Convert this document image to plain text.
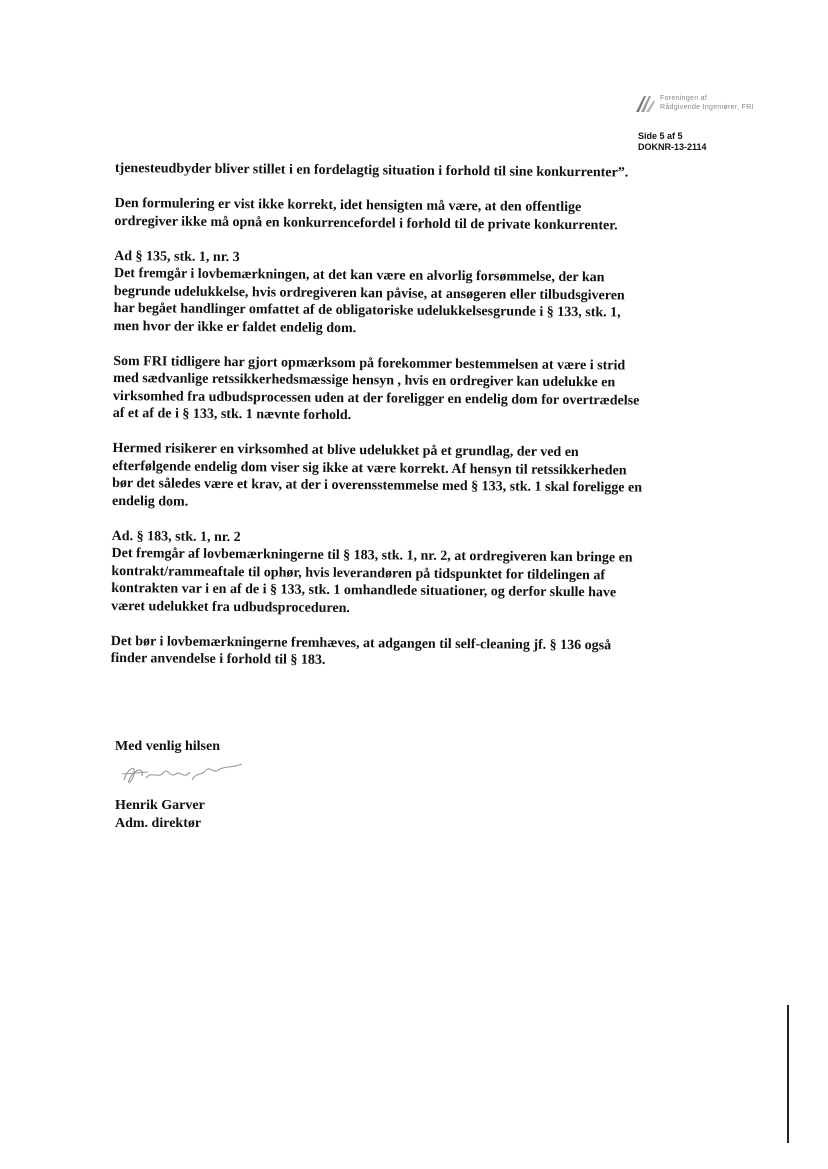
Foreningen af
Rådgivende Ingeniører, FRI
Side 5 af 5
DOKNR-13-2114

tjenesteudbyder bliver stillet i en fordelagtig situation i forhold til sine konkurrenter”.

Den formulering er vist ikke korrekt, idet hensigten må være, at den offentlige ordregiver ikke må opnå en konkurrencefordel i forhold til de private konkurrenter.

Ad § 135, stk. 1, nr. 3
Det fremgår i lovbemærkningen, at det kan være en alvorlig forsømmelse, der kan begrunde udelukkelse, hvis ordregiveren kan påvise, at ansøgeren eller tilbudsgiveren har begået handlinger omfattet af de obligatoriske udelukkelsesgrunde i § 133, stk. 1, men hvor der ikke er faldet endelig dom.

Som FRI tidligere har gjort opmærksom på forekommer bestemmelsen at være i strid med sædvanlige retssikkerhedsmæssige hensyn , hvis en ordregiver kan udelukke en virksomhed fra udbudsprocessen uden at der foreligger en endelig dom for overtrædelse af et af de i § 133, stk. 1 nævnte forhold.

Hermed risikerer en virksomhed at blive udelukket på et grundlag, der ved en efterfølgende endelig dom viser sig ikke at være korrekt. Af hensyn til retssikkerheden bør det således være et krav, at der i overensstemmelse med § 133, stk. 1 skal foreligge en endelig dom.

Ad. § 183, stk. 1, nr. 2
Det fremgår af lovbemærkningerne til § 183, stk. 1, nr. 2, at ordregiveren kan bringe en kontrakt/rammeaftale til ophør, hvis leverandøren på tidspunktet for tildelingen af kontrakten var i en af de i § 133, stk. 1 omhandlede situationer, og derfor skulle have været udelukket fra udbudsproceduren.

Det bør i lovbemærkningerne fremhæves, at adgangen til self-cleaning jf. § 136 også finder anvendelse i forhold til § 183.

Med venlig hilsen
Henrik Garver
Adm. direktør
